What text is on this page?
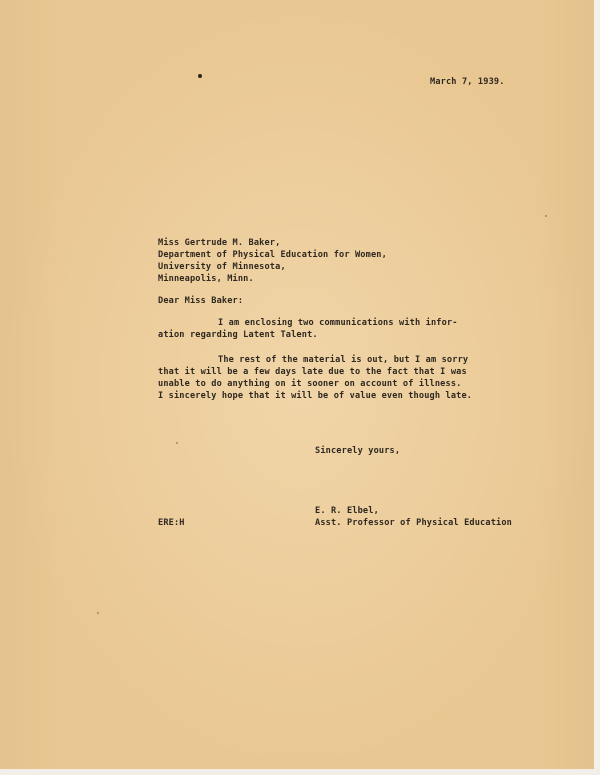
March 7, 1939.
Miss Gertrude M. Baker,
Department of Physical Education for Women,
University of Minnesota,
Minneapolis, Minn.
Dear Miss Baker:
I am enclosing two communications with infor-
ation regarding Latent Talent.
The rest of the material is out, but I am sorry
that it will be a few days late due to the fact that I was
unable to do anything on it sooner on account of illness.
I sincerely hope that it will be of value even though late.
Sincerely yours,
E. R. Elbel,
Asst. Professor of Physical Education
ERE:H
